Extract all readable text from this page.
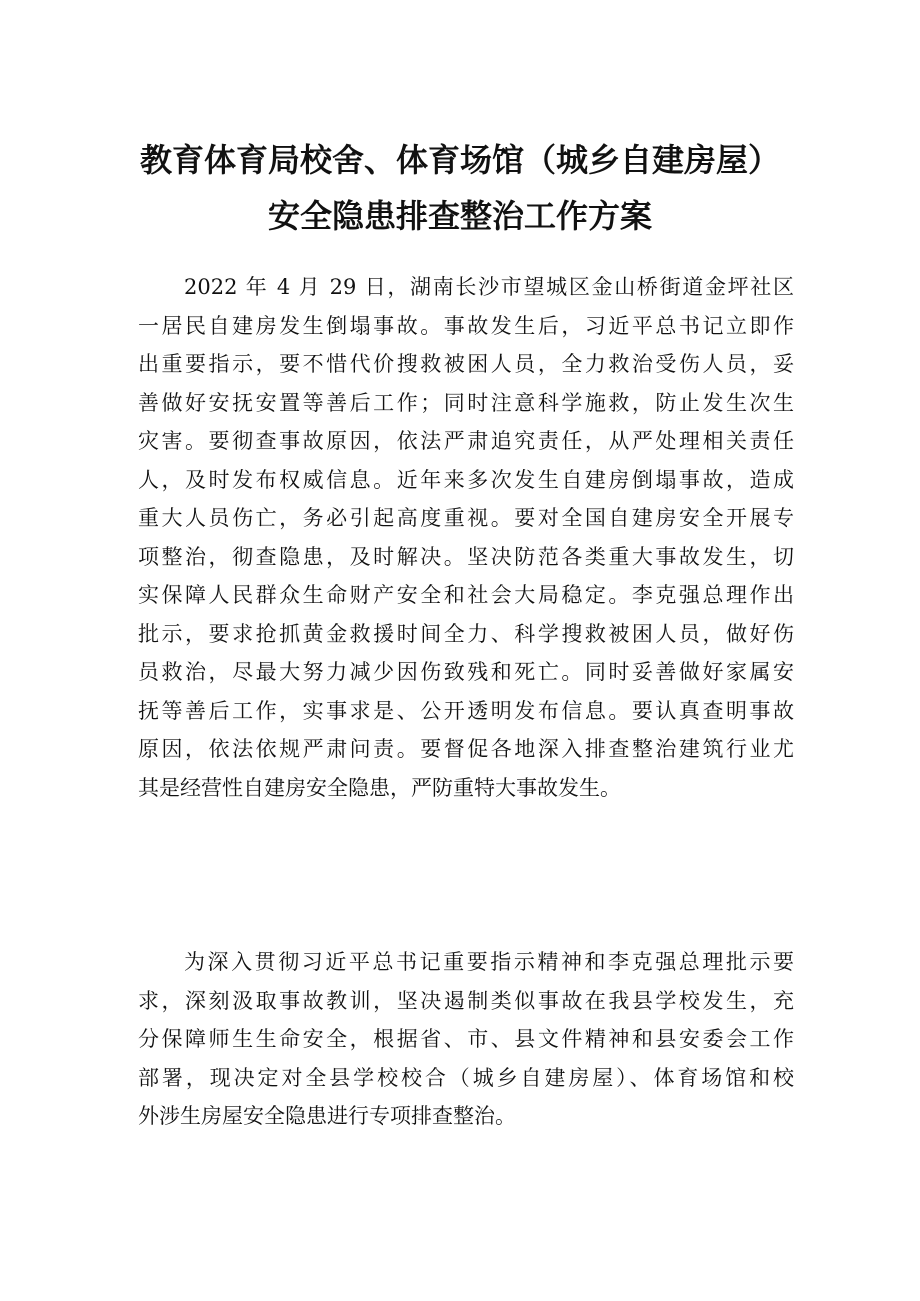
教育体育局校舍、体育场馆（城乡自建房屋）
安全隐患排查整治工作方案
2022 年 4 月 29 日，湖南长沙市望城区金山桥街道金坪社区
一居民自建房发生倒塌事故。事故发生后，习近平总书记立即作
出重要指示，要不惜代价搜救被困人员，全力救治受伤人员，妥
善做好安抚安置等善后工作；同时注意科学施救，防止发生次生
灾害。要彻查事故原因，依法严肃追究责任，从严处理相关责任
人，及时发布权威信息。近年来多次发生自建房倒塌事故，造成
重大人员伤亡，务必引起高度重视。要对全国自建房安全开展专
项整治，彻查隐患，及时解决。坚决防范各类重大事故发生，切
实保障人民群众生命财产安全和社会大局稳定。李克强总理作出
批示，要求抢抓黄金救援时间全力、科学搜救被困人员，做好伤
员救治，尽最大努力减少因伤致残和死亡。同时妥善做好家属安
抚等善后工作，实事求是、公开透明发布信息。要认真查明事故
原因，依法依规严肃问责。要督促各地深入排查整治建筑行业尤
其是经营性自建房安全隐患，严防重特大事故发生。
为深入贯彻习近平总书记重要指示精神和李克强总理批示要
求，深刻汲取事故教训，坚决遏制类似事故在我县学校发生，充
分保障师生生命安全，根据省、市、县文件精神和县安委会工作
部署，现决定对全县学校校合（城乡自建房屋）、体育场馆和校
外涉生房屋安全隐患进行专项排查整治。
